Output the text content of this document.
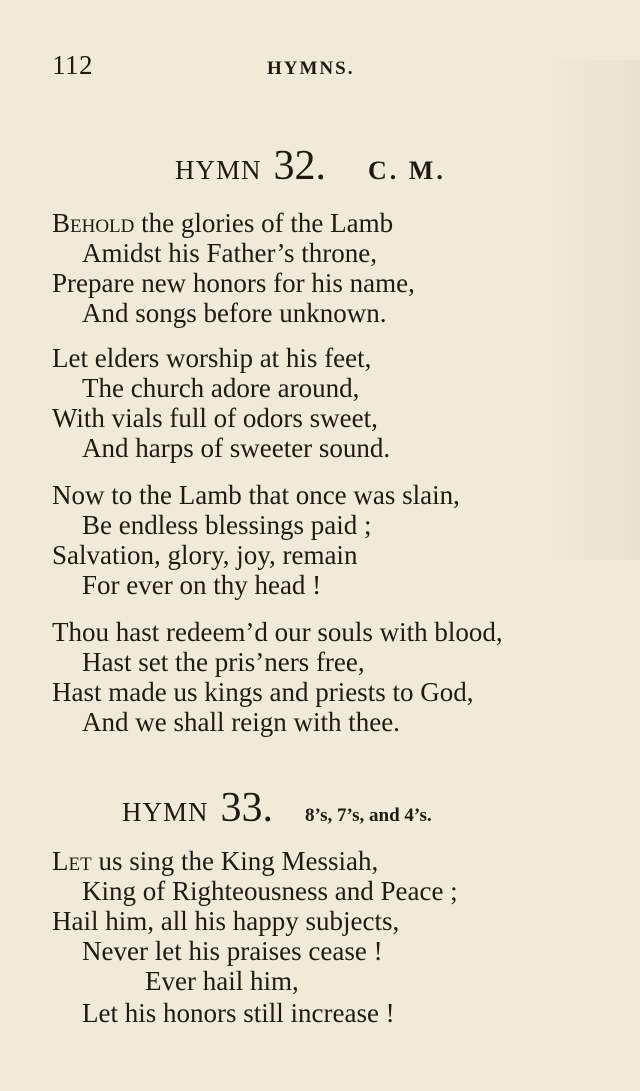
112	HYMNS.
HYMN 32. C. M.
Behold the glories of the Lamb
Amidst his Father’s throne,
Prepare new honors for his name,
And songs before unknown.
Let elders worship at his feet,
The church adore around,
With vials full of odors sweet,
And harps of sweeter sound.
Now to the Lamb that once was slain,
Be endless blessings paid ;
Salvation, glory, joy, remain
For ever on thy head !
Thou hast redeem’d our souls with blood,
Hast set the pris’ners free,
Hast made us kings and priests to God,
And we shall reign with thee.
HYMN 33. 8’s, 7’s, and 4’s.
Let us sing the King Messiah,
King of Righteousness and Peace ;
Hail him, all his happy subjects,
Never let his praises cease !
Ever hail him,
Let his honors still increase !
